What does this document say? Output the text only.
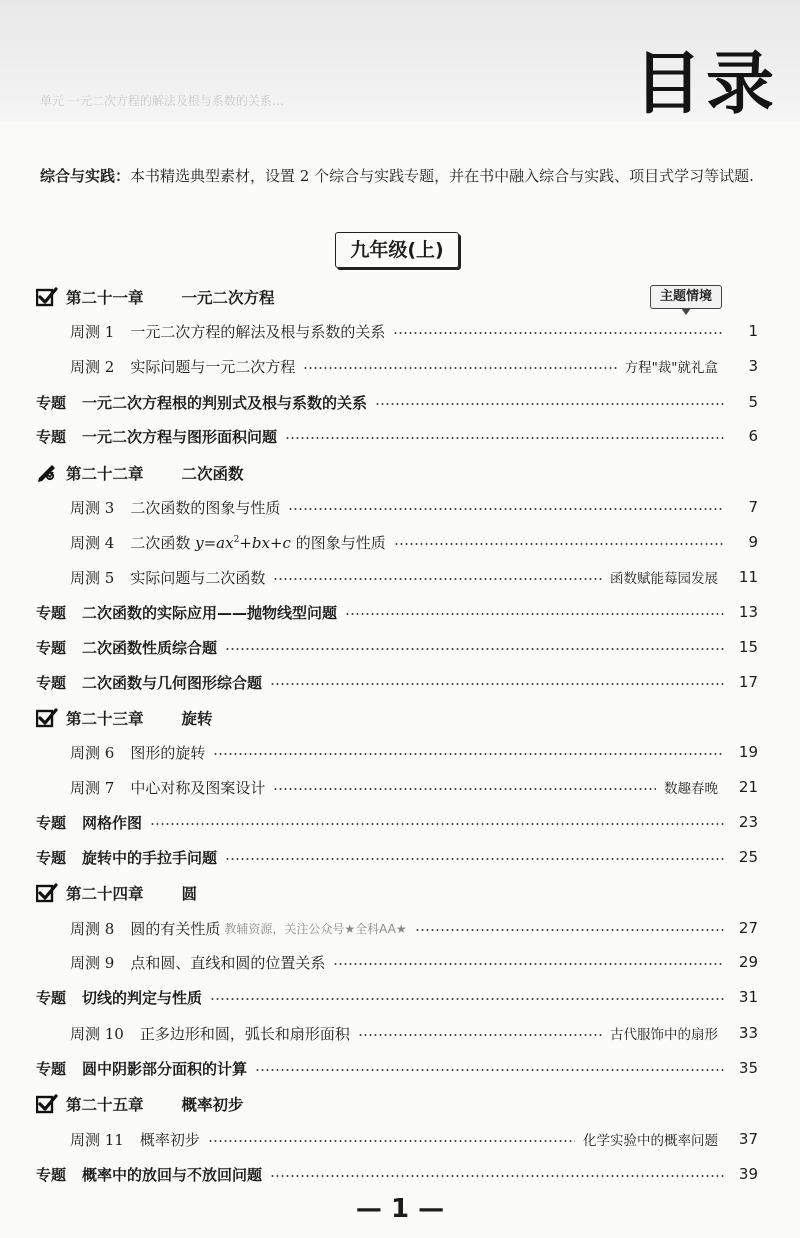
单元 一元二次方程的解法及根与系数的关系…	目录
综合与实践：本书精选典型素材，设置 2 个综合与实践专题，并在书中融入综合与实践、项目式学习等试题.
九年级(上)
主题情境
第二十一章 一元二次方程
周测 1 一元二次方程的解法及根与系数的关系	1
周测 2 实际问题与一元二次方程	方程"裁"就礼盒	3
专题 一元二次方程根的判别式及根与系数的关系	5
专题 一元二次方程与图形面积问题	6
第二十二章 二次函数
周测 3 二次函数的图象与性质	7
周测 4 二次函数 $y=ax^2+bx+c$ 的图象与性质	9
周测 5 实际问题与二次函数	函数赋能莓园发展	11
专题 二次函数的实际应用——抛物线型问题	13
专题 二次函数性质综合题	15
专题 二次函数与几何图形综合题	17
第二十三章 旋转
周测 6 图形的旋转	19
周测 7 中心对称及图案设计	数趣春晚	21
专题 网格作图	23
专题 旋转中的手拉手问题	25
第二十四章 圆
周测 8 圆的有关性质 教辅资源，关注公众号★全科AA★	27
周测 9 点和圆、直线和圆的位置关系	29
专题 切线的判定与性质	31
周测 10 正多边形和圆，弧长和扇形面积	古代服饰中的扇形	33
专题 圆中阴影部分面积的计算	35
第二十五章 概率初步
周测 11 概率初步	化学实验中的概率问题	37
专题 概率中的放回与不放回问题	39
— 1 —
